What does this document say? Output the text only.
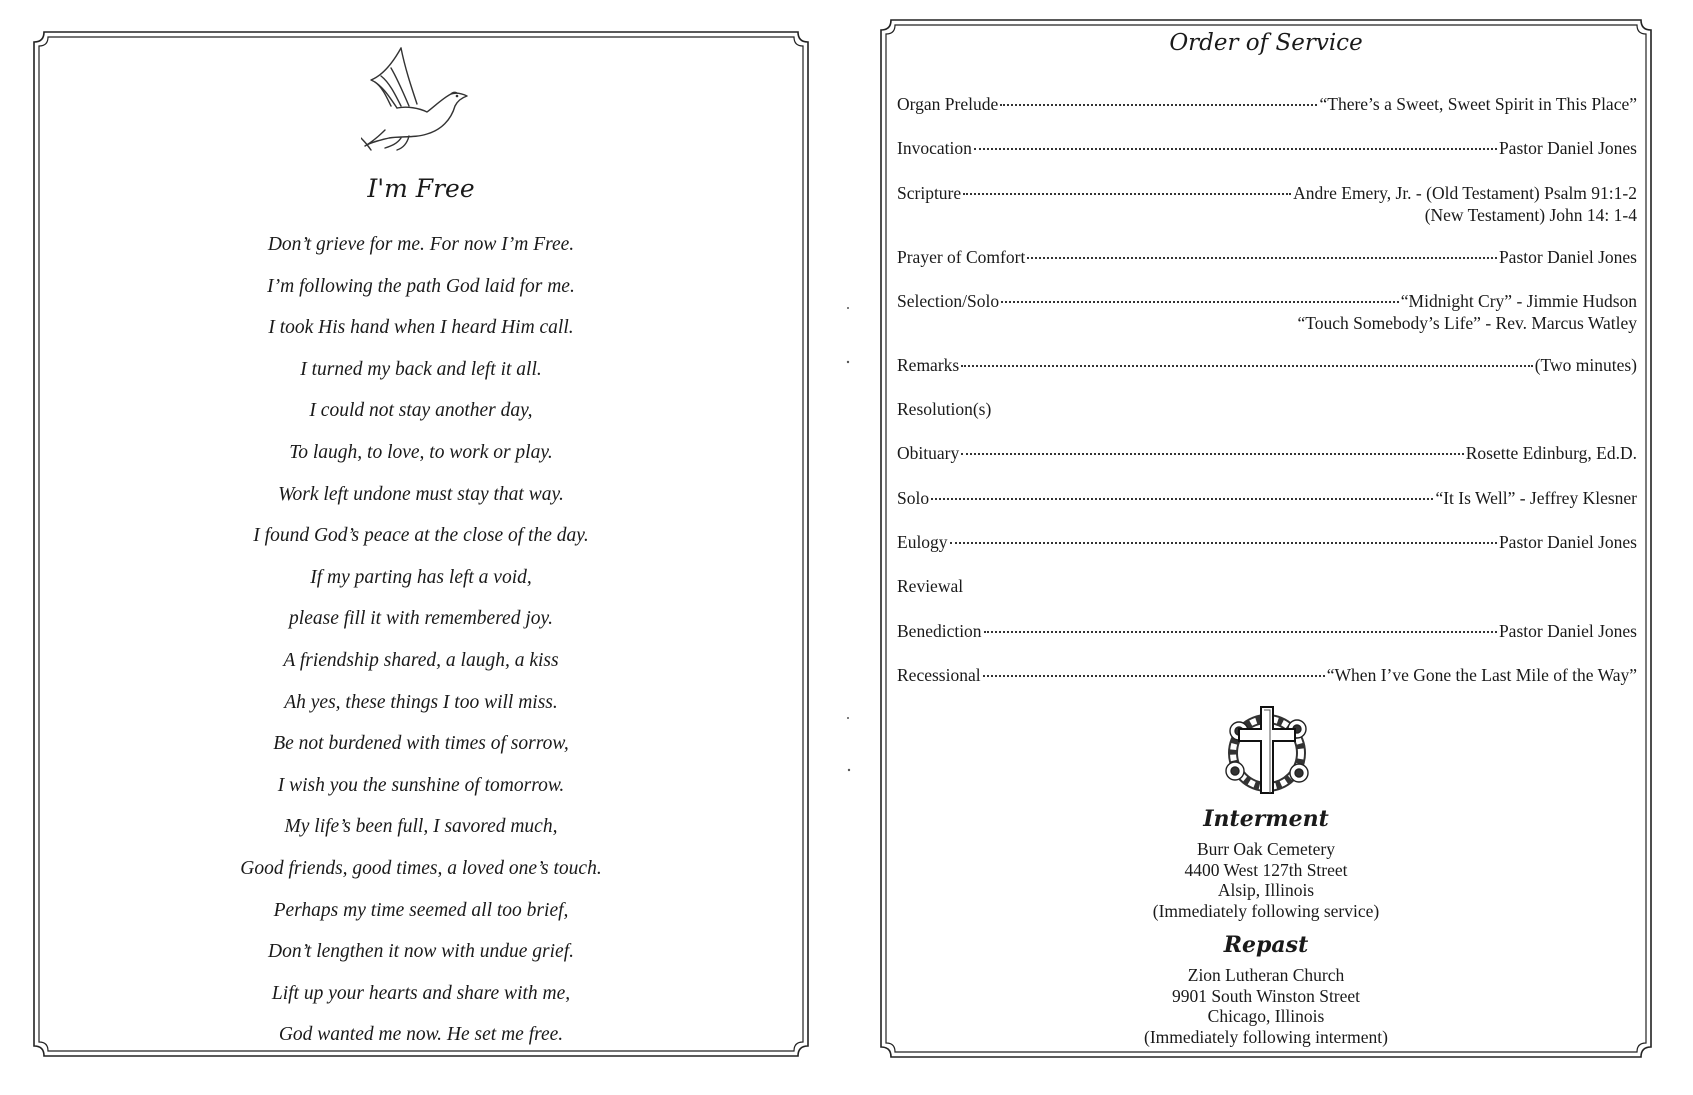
I'm Free
Don’t grieve for me. For now I’m Free.
I’m following the path God laid for me.
I took His hand when I heard Him call.
I turned my back and left it all.
I could not stay another day,
To laugh, to love, to work or play.
Work left undone must stay that way.
I found God’s peace at the close of the day.
If my parting has left a void,
please fill it with remembered joy.
A friendship shared, a laugh, a kiss
Ah yes, these things I too will miss.
Be not burdened with times of sorrow,
I wish you the sunshine of tomorrow.
My life’s been full, I savored much,
Good friends, good times, a loved one’s touch.
Perhaps my time seemed all too brief,
Don’t lengthen it now with undue grief.
Lift up your hearts and share with me,
God wanted me now. He set me free.
Order of Service
Organ Prelude	“There’s a Sweet, Sweet Spirit in This Place”
Invocation	Pastor Daniel Jones
Scripture	Andre Emery, Jr. - (Old Testament) Psalm 91:1-2
(New Testament) John 14: 1-4
Prayer of Comfort	Pastor Daniel Jones
Selection/Solo	“Midnight Cry” - Jimmie Hudson
“Touch Somebody’s Life” - Rev. Marcus Watley
Remarks	(Two minutes)
Resolution(s)
Obituary	Rosette Edinburg, Ed.D.
Solo	“It Is Well” - Jeffrey Klesner
Eulogy	Pastor Daniel Jones
Reviewal
Benediction	Pastor Daniel Jones
Recessional	“When I’ve Gone the Last Mile of the Way”
Interment
Burr Oak Cemetery
4400 West 127th Street
Alsip, Illinois
(Immediately following service)
Repast
Zion Lutheran Church
9901 South Winston Street
Chicago, Illinois
(Immediately following interment)
